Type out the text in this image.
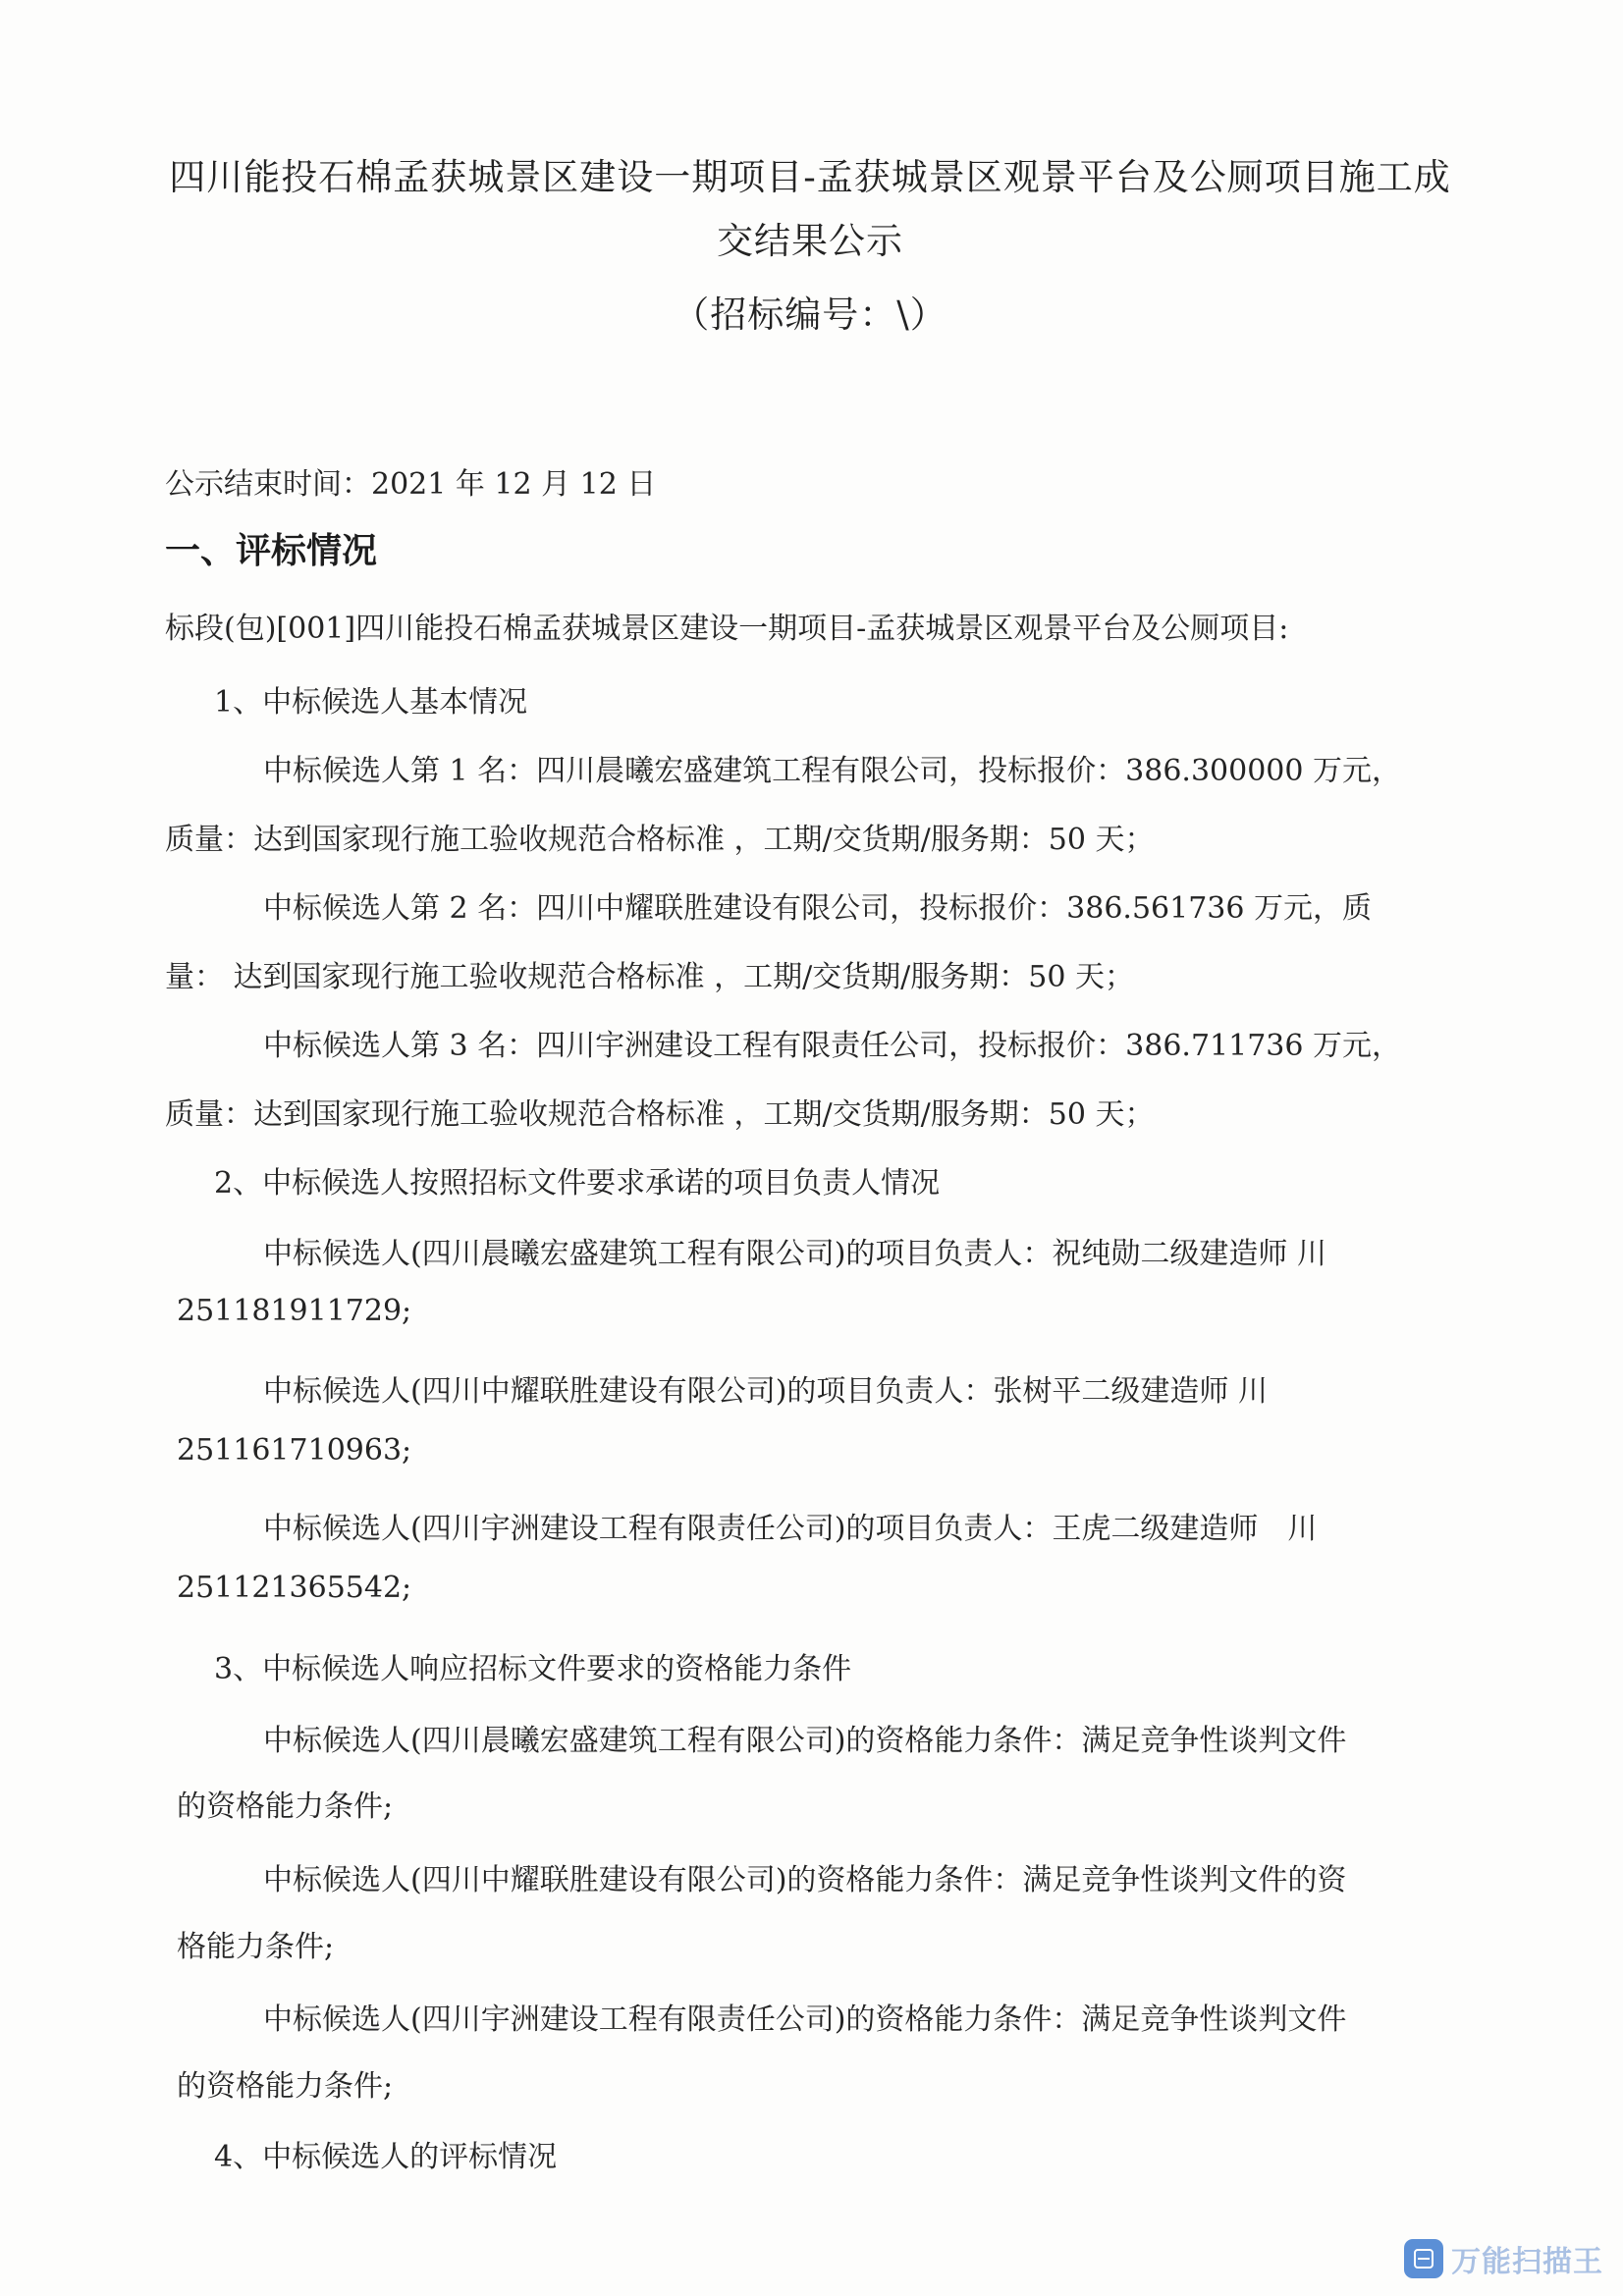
四川能投石棉孟获城景区建设一期项目-孟获城景区观景平台及公厕项目施工成
交结果公示
（招标编号：\）
公示结束时间：2021 年 12 月 12 日
一、评标情况
标段(包)[001]四川能投石棉孟获城景区建设一期项目-孟获城景区观景平台及公厕项目:
1、中标候选人基本情况
中标候选人第 1 名：四川晨曦宏盛建筑工程有限公司，投标报价：386.300000 万元，
质量：达到国家现行施工验收规范合格标准 ，工期/交货期/服务期：50 天；
中标候选人第 2 名：四川中耀联胜建设有限公司，投标报价：386.561736 万元，质
量： 达到国家现行施工验收规范合格标准 ，工期/交货期/服务期：50 天；
中标候选人第 3 名：四川宇洲建设工程有限责任公司，投标报价：386.711736 万元，
质量：达到国家现行施工验收规范合格标准 ，工期/交货期/服务期：50 天；
2、中标候选人按照招标文件要求承诺的项目负责人情况
中标候选人(四川晨曦宏盛建筑工程有限公司)的项目负责人：祝纯勋二级建造师 川
251181911729;
中标候选人(四川中耀联胜建设有限公司)的项目负责人：张树平二级建造师 川
251161710963;
中标候选人(四川宇洲建设工程有限责任公司)的项目负责人：王虎二级建造师　川
251121365542;
3、中标候选人响应招标文件要求的资格能力条件
中标候选人(四川晨曦宏盛建筑工程有限公司)的资格能力条件：满足竞争性谈判文件
的资格能力条件;
中标候选人(四川中耀联胜建设有限公司)的资格能力条件：满足竞争性谈判文件的资
格能力条件;
中标候选人(四川宇洲建设工程有限责任公司)的资格能力条件：满足竞争性谈判文件
的资格能力条件;
4、中标候选人的评标情况
万能扫描王
